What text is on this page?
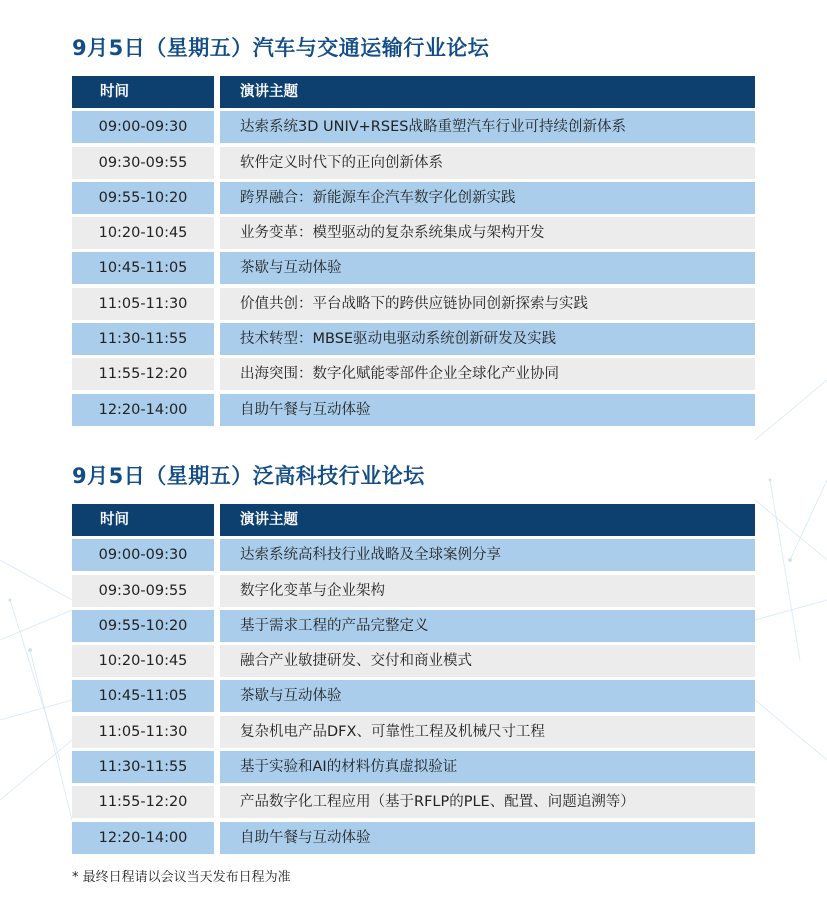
9月5日（星期五）汽车与交通运输行业论坛
时间	演讲主题
09:00-09:30	达索系统3D UNIV+RSES战略重塑汽车行业可持续创新体系
09:30-09:55	软件定义时代下的正向创新体系
09:55-10:20	跨界融合：新能源车企汽车数字化创新实践
10:20-10:45	业务变革：模型驱动的复杂系统集成与架构开发
10:45-11:05	茶歇与互动体验
11:05-11:30	价值共创：平台战略下的跨供应链协同创新探索与实践
11:30-11:55	技术转型：MBSE驱动电驱动系统创新研发及实践
11:55-12:20	出海突围：数字化赋能零部件企业全球化产业协同
12:20-14:00	自助午餐与互动体验
9月5日（星期五）泛高科技行业论坛
时间	演讲主题
09:00-09:30	达索系统高科技行业战略及全球案例分享
09:30-09:55	数字化变革与企业架构
09:55-10:20	基于需求工程的产品完整定义
10:20-10:45	融合产业敏捷研发、交付和商业模式
10:45-11:05	茶歇与互动体验
11:05-11:30	复杂机电产品DFX、可靠性工程及机械尺寸工程
11:30-11:55	基于实验和AI的材料仿真虚拟验证
11:55-12:20	产品数字化工程应用（基于RFLP的PLE、配置、问题追溯等）
12:20-14:00	自助午餐与互动体验
* 最终日程请以会议当天发布日程为准
